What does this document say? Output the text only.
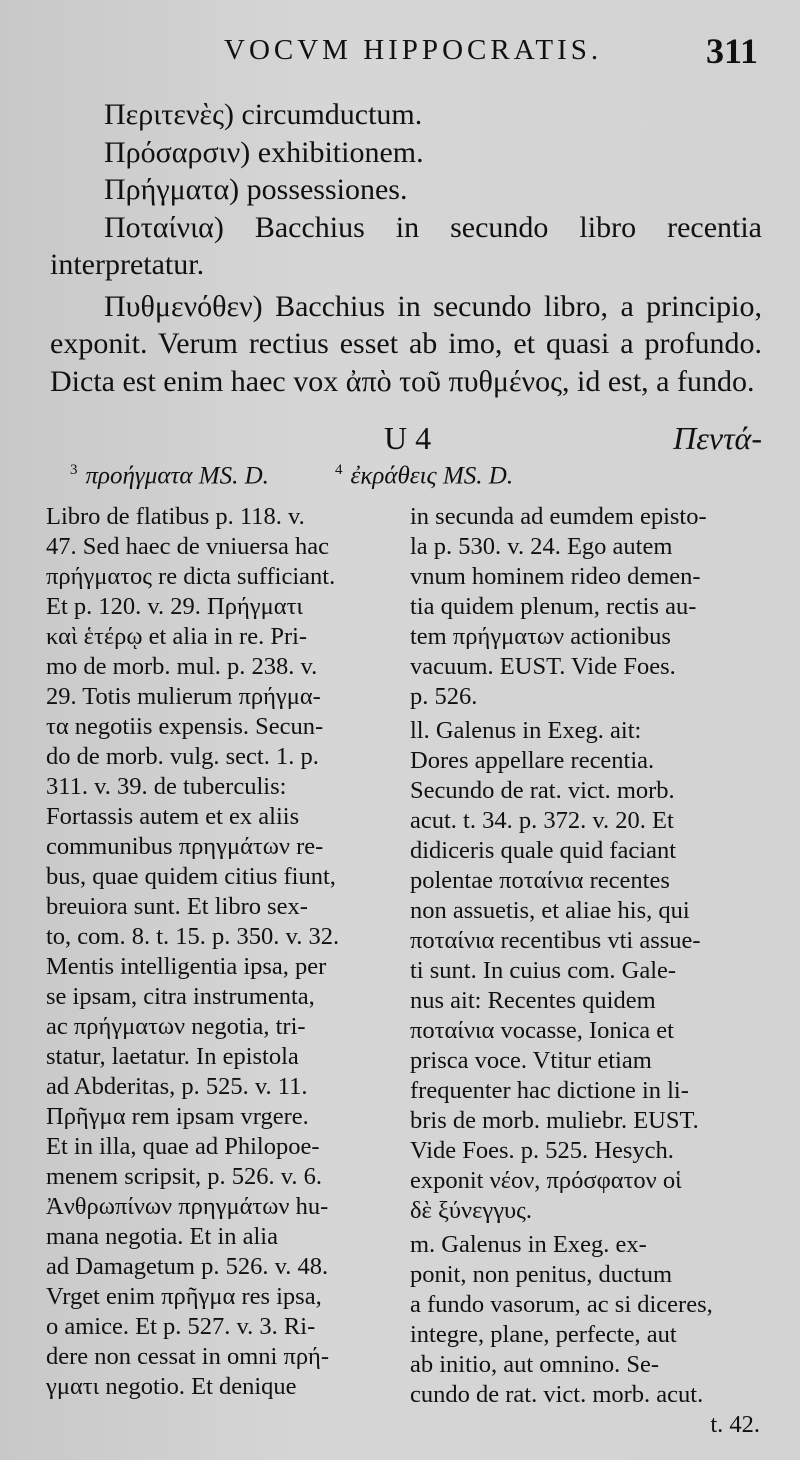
VOCVM HIPPOCRATIS.	311

Περιτενὲς) circumductum.

Πρόσαρσιν) exhibitionem.

Πρήγματα) possessiones.

Ποταίνια) Bacchius in secundo libro recentia interpretatur.

Πυθμενόθεν) Bacchius in secundo libro, a principio, exponit. Verum rectius esset ab imo, et quasi a profundo. Dicta est enim haec vox ἀπὸ τοῦ πυθμένος, id est, a fundo.

U 4	Πεντά-
$^3$ προήγματα MS. D.	$^4$ ἐκράθεις MS. D.
Libro de flatibus p. 118. v.
47. Sed haec de vniuersa hac
πρήγματος re dicta sufficiant.
Et p. 120. v. 29. Πρήγματι
καὶ ἑτέρῳ et alia in re. Pri-
mo de morb. mul. p. 238. v.
29. Totis mulierum πρήγμα-
τα negotiis expensis. Secun-
do de morb. vulg. sect. 1. p.
311. v. 39. de tuberculis:
Fortassis autem et ex aliis
communibus πρηγμάτων re-
bus, quae quidem citius fiunt,
breuiora sunt. Et libro sex-
to, com. 8. t. 15. p. 350. v. 32.
Mentis intelligentia ipsa, per
se ipsam, citra instrumenta,
ac πρήγματων negotia, tri-
statur, laetatur. In epistola
ad Abderitas, p. 525. v. 11.
Πρῆγμα rem ipsam vrgere.
Et in illa, quae ad Philopoe-
menem scripsit, p. 526. v. 6.
Ἀνθρωπίνων πρηγμάτων hu-
mana negotia. Et in alia
ad Damagetum p. 526. v. 48.
Vrget enim πρῆγμα res ipsa,
o amice. Et p. 527. v. 3. Ri-
dere non cessat in omni πρή-
γματι negotio. Et denique
in secunda ad eumdem episto-
la p. 530. v. 24. Ego autem
vnum hominem rideo demen-
tia quidem plenum, rectis au-
tem πρήγματων actionibus
vacuum. EUST. Vide Foes.
p. 526.
ll. Galenus in Exeg. ait:
Dores appellare recentia.
Secundo de rat. vict. morb.
acut. t. 34. p. 372. v. 20. Et
didiceris quale quid faciant
polentae ποταίνια recentes
non assuetis, et aliae his, qui
ποταίνια recentibus vti assue-
ti sunt. In cuius com. Gale-
nus ait: Recentes quidem
ποταίνια vocasse, Ionica et
prisca voce. Vtitur etiam
frequenter hac dictione in li-
bris de morb. muliebr. EUST.
Vide Foes. p. 525. Hesych.
exponit νέον, πρόσφατον οἱ
δὲ ξύνεγγυς.
m. Galenus in Exeg. ex-
ponit, non penitus, ductum
a fundo vasorum, ac si diceres,
integre, plane, perfecte, aut
ab initio, aut omnino. Se-
cundo de rat. vict. morb. acut.
t. 42.
